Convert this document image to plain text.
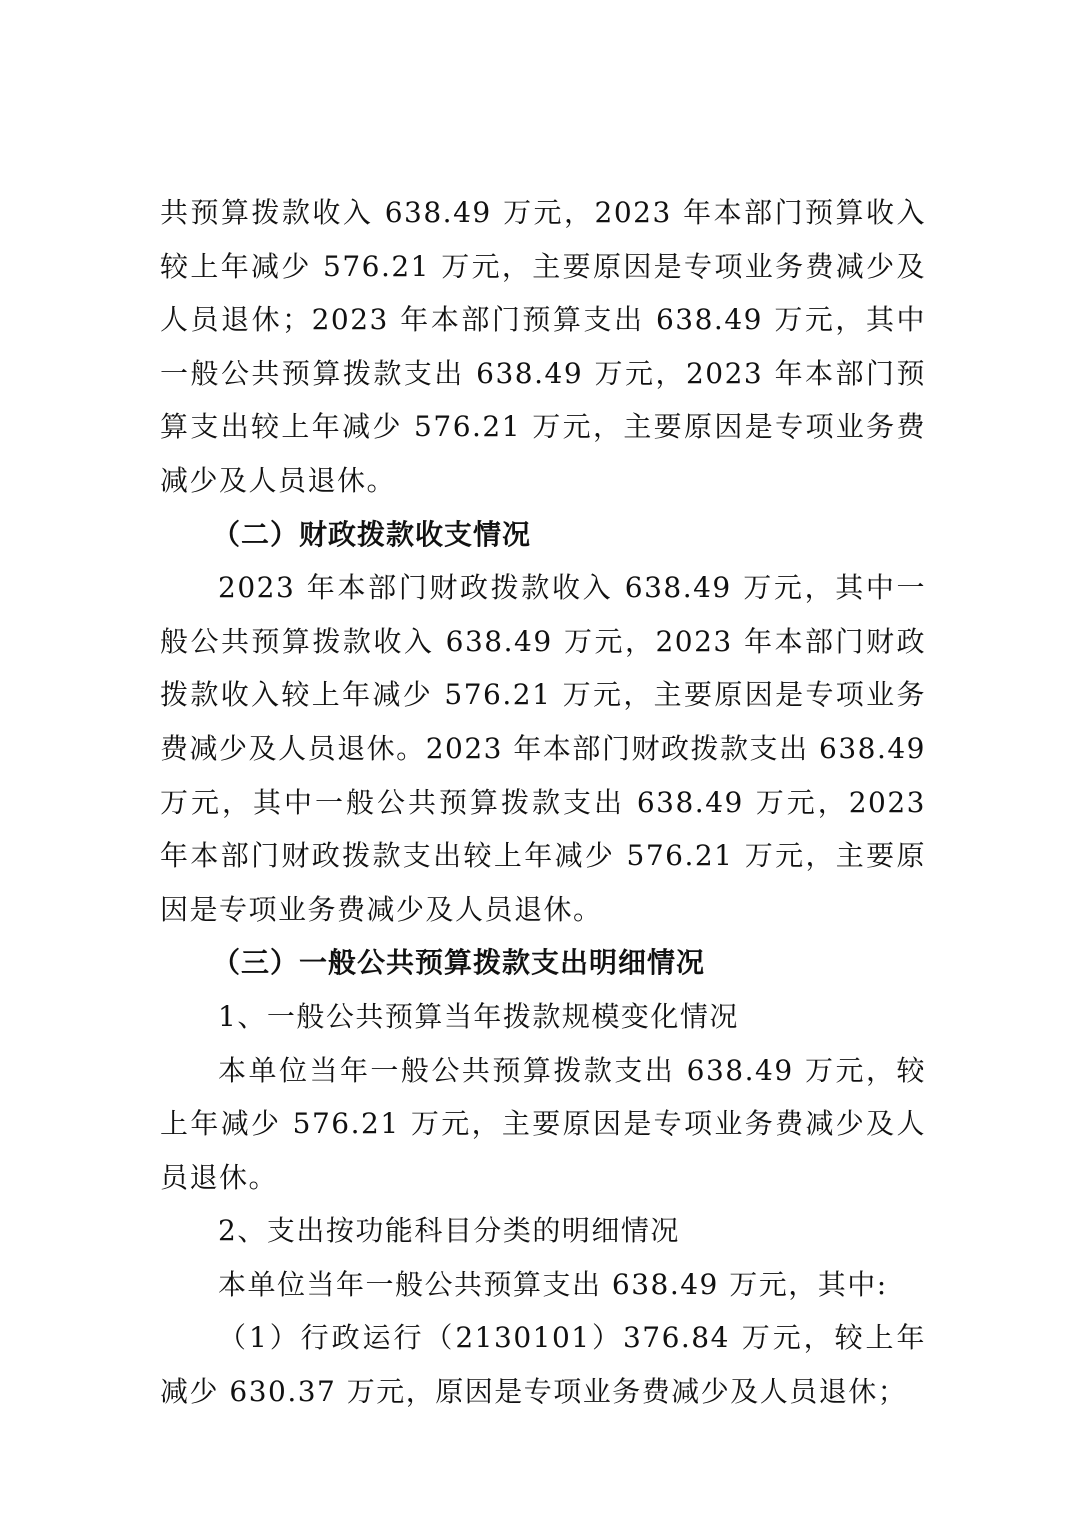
共预算拨款收入 638.49 万元，2023 年本部门预算收入较上年减少 576.21 万元，主要原因是专项业务费减少及人员退休；2023 年本部门预算支出 638.49 万元，其中一般公共预算拨款支出 638.49 万元，2023 年本部门预算支出较上年减少 576.21 万元，主要原因是专项业务费减少及人员退休。

（二）财政拨款收支情况

2023 年本部门财政拨款收入 638.49 万元，其中一般公共预算拨款收入 638.49 万元，2023 年本部门财政拨款收入较上年减少 576.21 万元，主要原因是专项业务费减少及人员退休。2023 年本部门财政拨款支出 638.49 万元，其中一般公共预算拨款支出 638.49 万元，2023 年本部门财政拨款支出较上年减少 576.21 万元，主要原因是专项业务费减少及人员退休。

（三）一般公共预算拨款支出明细情况

1、一般公共预算当年拨款规模变化情况

本单位当年一般公共预算拨款支出 638.49 万元，较上年减少 576.21 万元，主要原因是专项业务费减少及人员退休。

2、支出按功能科目分类的明细情况

本单位当年一般公共预算支出 638.49 万元，其中:

（1）行政运行（2130101）376.84 万元，较上年减少 630.37 万元，原因是专项业务费减少及人员退休；
